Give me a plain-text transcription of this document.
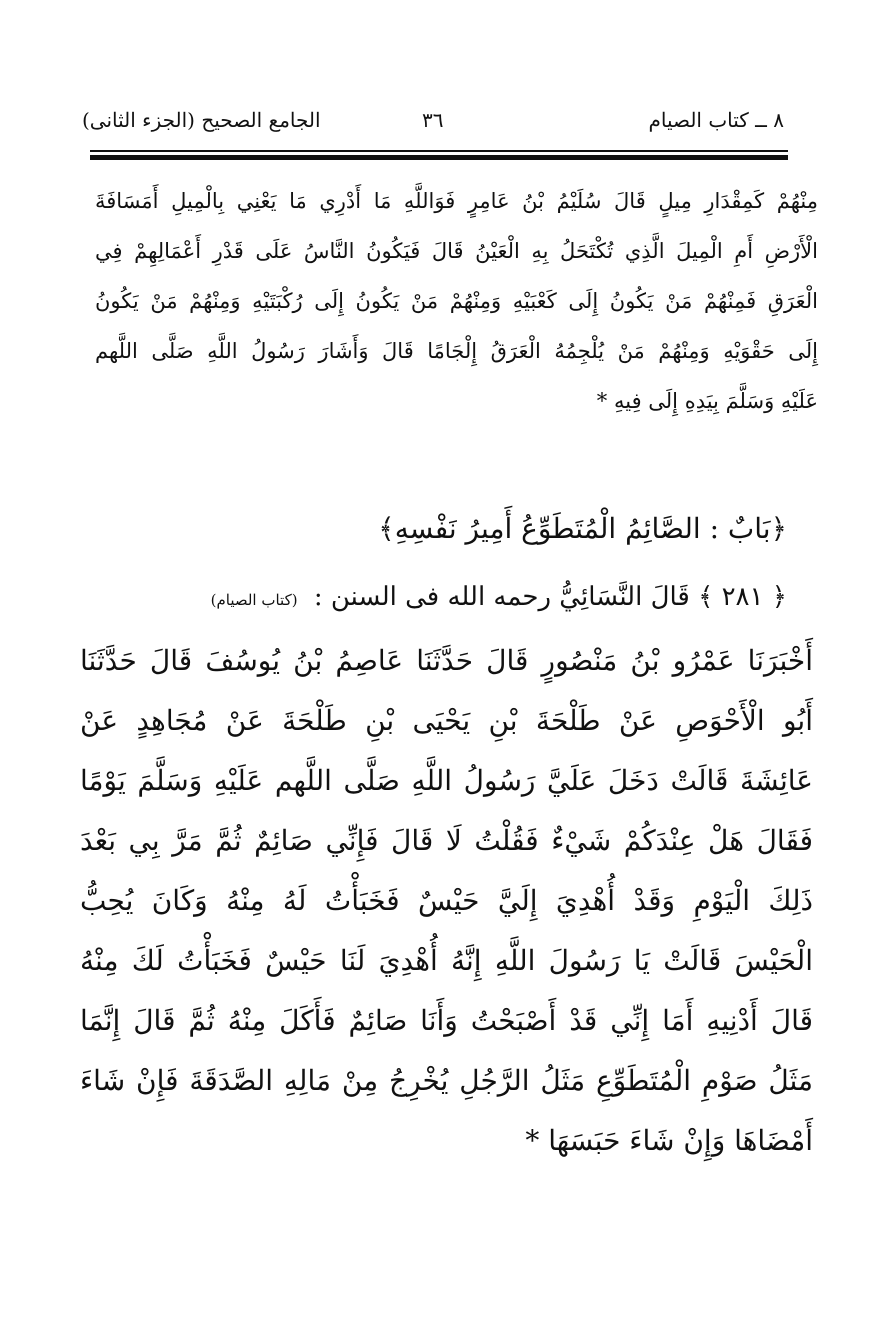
٨ ــ كتاب الصيام
٣٦
الجامع الصحيح (الجزء الثانى)
مِنْهُمْ كَمِقْدَارِ مِيلٍ قَالَ سُلَيْمُ بْنُ عَامِرٍ فَوَاللَّهِ مَا أَدْرِي مَا يَعْنِي بِالْمِيلِ أَمَسَافَةَ
الْأَرْضِ أَمِ الْمِيلَ الَّذِي تُكْتَحَلُ بِهِ الْعَيْنُ قَالَ فَيَكُونُ النَّاسُ عَلَى قَدْرِ أَعْمَالِهِمْ فِي
الْعَرَقِ فَمِنْهُمْ مَنْ يَكُونُ إِلَى كَعْبَيْهِ وَمِنْهُمْ مَنْ يَكُونُ إِلَى رُكْبَتَيْهِ وَمِنْهُمْ مَنْ يَكُونُ
إِلَى حَقْوَيْهِ وَمِنْهُمْ مَنْ يُلْجِمُهُ الْعَرَقُ إِلْجَامًا قَالَ وَأَشَارَ رَسُولُ اللَّهِ صَلَّى اللَّهم
عَلَيْهِ وَسَلَّمَ بِيَدِهِ إِلَى فِيهِ *
﴿بَابٌ : الصَّائِمُ الْمُتَطَوِّعُ أَمِيرُ نَفْسِهِ﴾
﴿ ٢٨١ ﴾ قَالَ النَّسَائِيُّ رحمه الله فى السنن : (كتاب الصيام)
أَخْبَرَنَا عَمْرُو بْنُ مَنْصُورٍ قَالَ حَدَّثَنَا عَاصِمُ بْنُ يُوسُفَ قَالَ حَدَّثَنَا
أَبُو الْأَحْوَصِ عَنْ طَلْحَةَ بْنِ يَحْيَى بْنِ طَلْحَةَ عَنْ مُجَاهِدٍ عَنْ
عَائِشَةَ قَالَتْ دَخَلَ عَلَيَّ رَسُولُ اللَّهِ صَلَّى اللَّهم عَلَيْهِ وَسَلَّمَ يَوْمًا
فَقَالَ هَلْ عِنْدَكُمْ شَيْءٌ فَقُلْتُ لَا قَالَ فَإِنِّي صَائِمٌ ثُمَّ مَرَّ بِي بَعْدَ
ذَلِكَ الْيَوْمِ وَقَدْ أُهْدِيَ إِلَيَّ حَيْسٌ فَخَبَأْتُ لَهُ مِنْهُ وَكَانَ يُحِبُّ
الْحَيْسَ قَالَتْ يَا رَسُولَ اللَّهِ إِنَّهُ أُهْدِيَ لَنَا حَيْسٌ فَخَبَأْتُ لَكَ مِنْهُ
قَالَ أَدْنِيهِ أَمَا إِنِّي قَدْ أَصْبَحْتُ وَأَنَا صَائِمٌ فَأَكَلَ مِنْهُ ثُمَّ قَالَ إِنَّمَا
مَثَلُ صَوْمِ الْمُتَطَوِّعِ مَثَلُ الرَّجُلِ يُخْرِجُ مِنْ مَالِهِ الصَّدَقَةَ فَإِنْ شَاءَ
أَمْضَاهَا وَإِنْ شَاءَ حَبَسَهَا *
